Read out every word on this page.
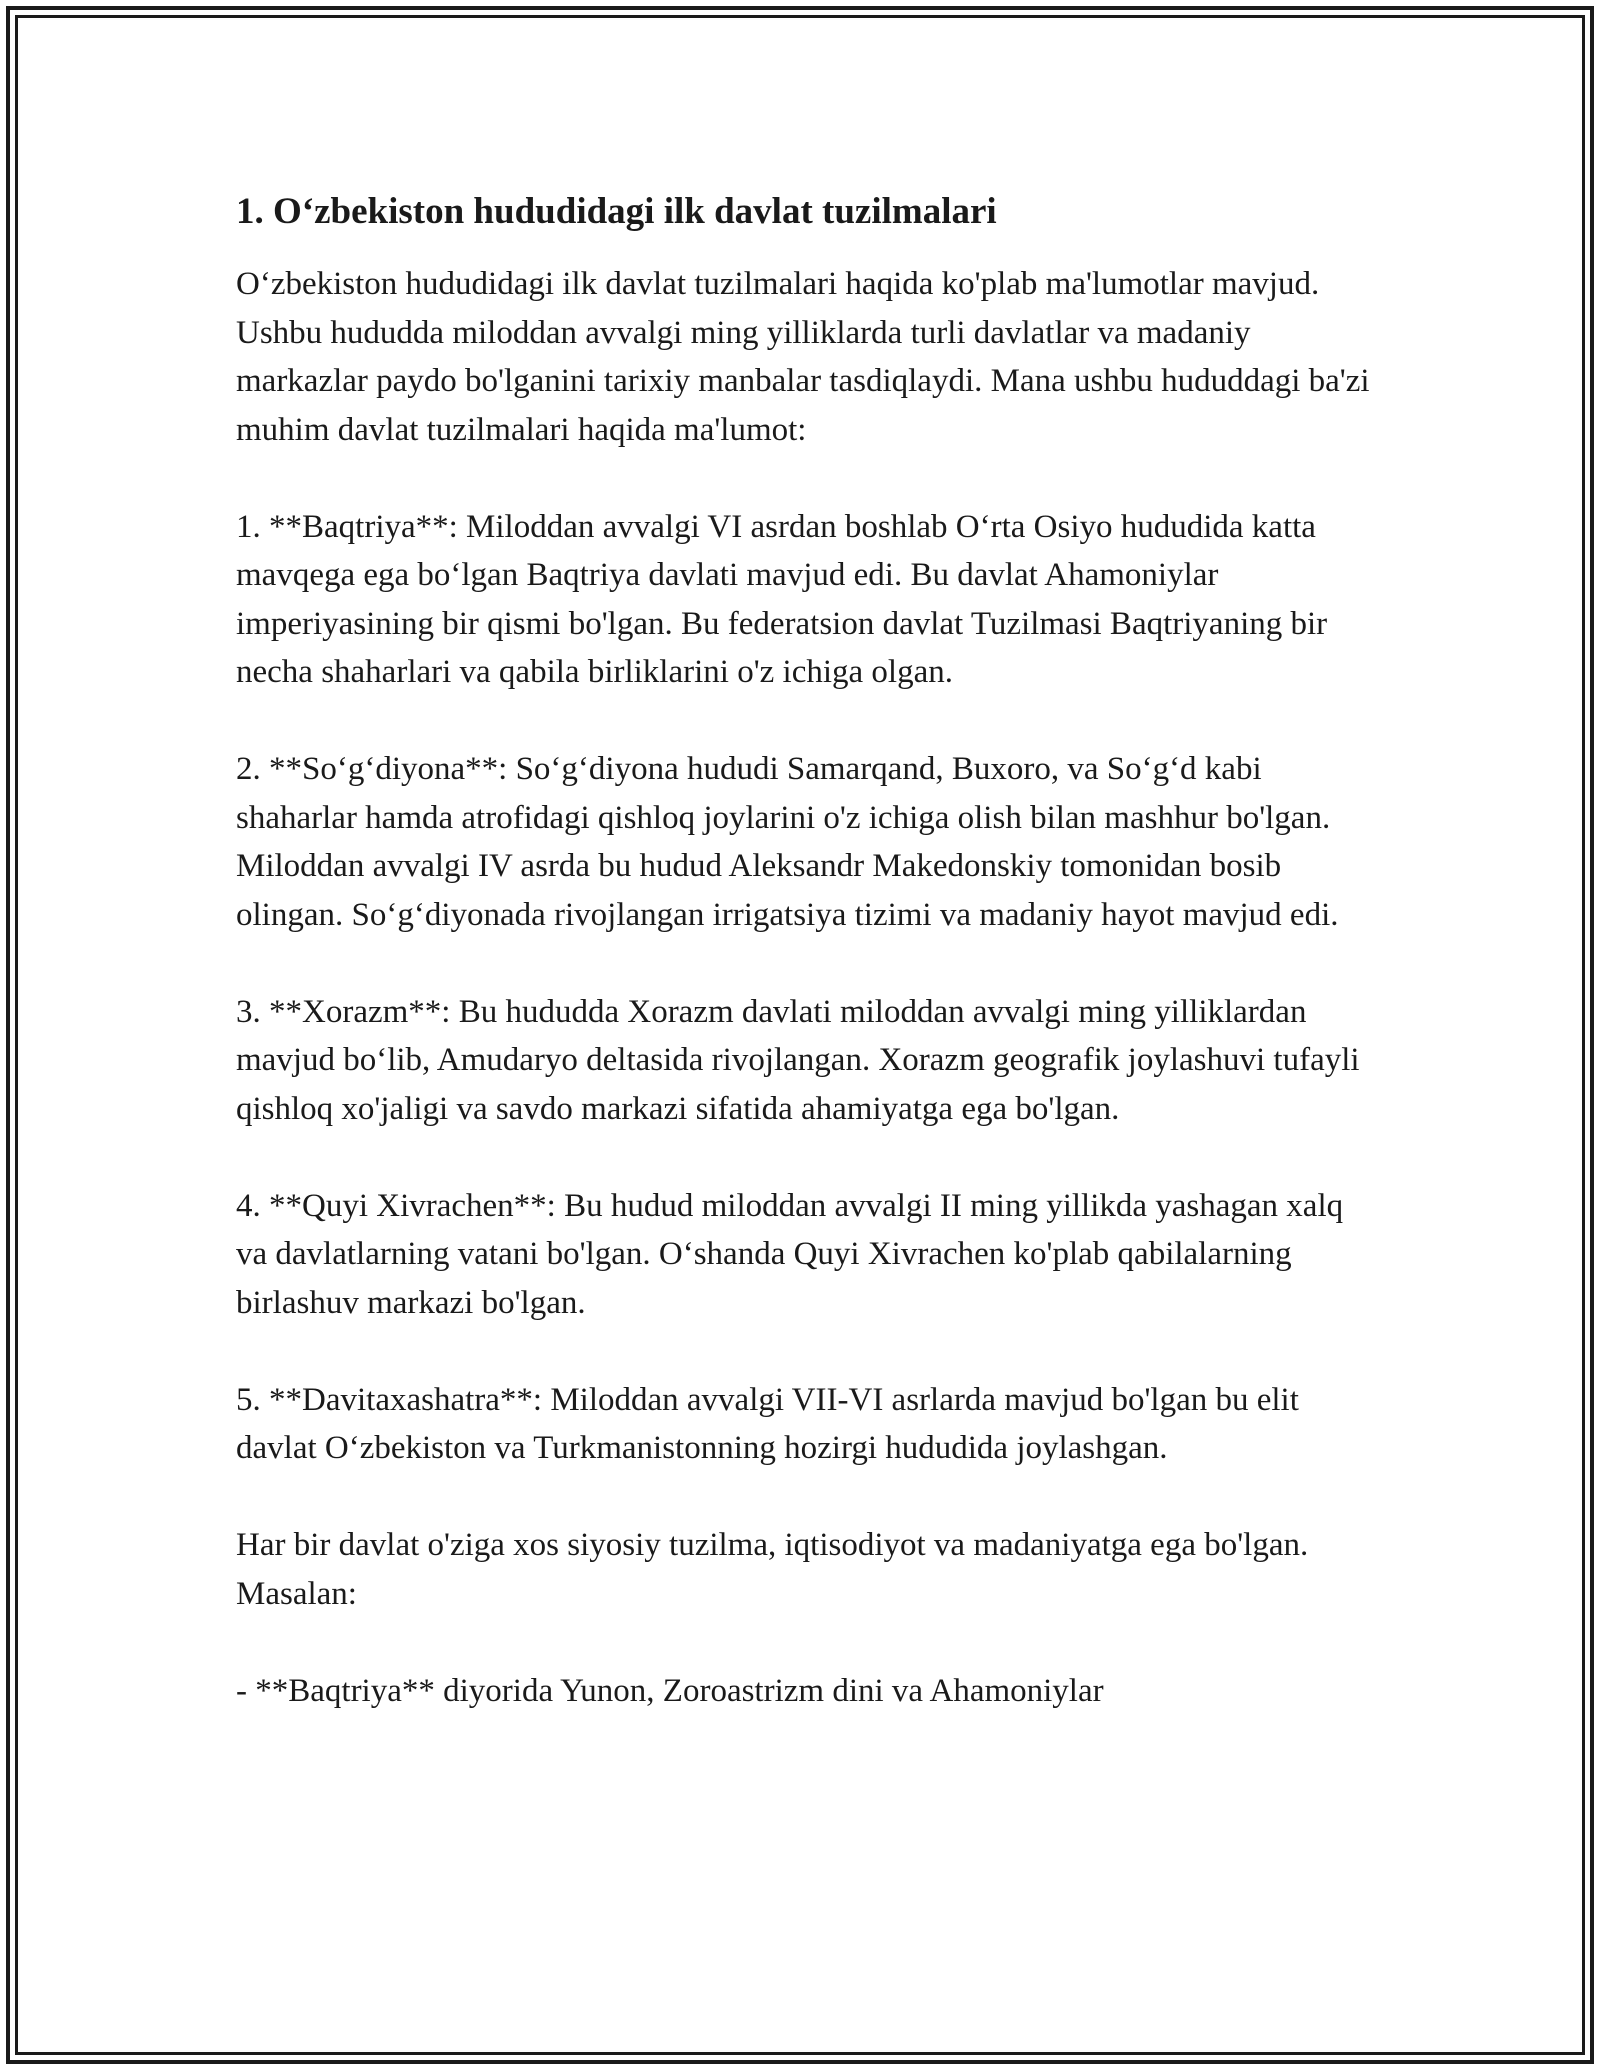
1. Oʻzbekiston hududidagi ilk davlat tuzilmalari
Oʻzbekiston hududidagi ilk davlat tuzilmalari haqida ko'plab ma'lumotlar mavjud. Ushbu hududda miloddan avvalgi ming yilliklarda turli davlatlar va madaniy markazlar paydo bo'lganini tarixiy manbalar tasdiqlaydi. Mana ushbu hududdagi ba'zi muhim davlat tuzilmalari haqida ma'lumot:
1. **Baqtriya**: Miloddan avvalgi VI asrdan boshlab Oʻrta Osiyo hududida katta mavqega ega boʻlgan Baqtriya davlati mavjud edi. Bu davlat Ahamoniylar imperiyasining bir qismi bo'lgan. Bu federatsion davlat Tuzilmasi Baqtriyaning bir necha shaharlari va qabila birliklarini o'z ichiga olgan.
2. **Soʻgʻdiyona**: Soʻgʻdiyona hududi Samarqand, Buxoro, va Soʻgʻd kabi shaharlar hamda atrofidagi qishloq joylarini o'z ichiga olish bilan mashhur bo'lgan. Miloddan avvalgi IV asrda bu hudud Aleksandr Makedonskiy tomonidan bosib olingan. Soʻgʻdiyonada rivojlangan irrigatsiya tizimi va madaniy hayot mavjud edi.
3. **Xorazm**: Bu hududda Xorazm davlati miloddan avvalgi ming yilliklardan mavjud boʻlib, Amudaryo deltasida rivojlangan. Xorazm geografik joylashuvi tufayli qishloq xo'jaligi va savdo markazi sifatida ahamiyatga ega bo'lgan.
4. **Quyi Xivrachen**: Bu hudud miloddan avvalgi II ming yillikda yashagan xalq va davlatlarning vatani bo'lgan. Oʻshanda Quyi Xivrachen ko'plab qabilalarning birlashuv markazi bo'lgan.
5. **Davitaxashatra**: Miloddan avvalgi VII-VI asrlarda mavjud bo'lgan bu elit davlat Oʻzbekiston va Turkmanistonning hozirgi hududida joylashgan.
Har bir davlat o'ziga xos siyosiy tuzilma, iqtisodiyot va madaniyatga ega bo'lgan. Masalan:
- **Baqtriya** diyorida Yunon, Zoroastrizm dini va Ahamoniylar
